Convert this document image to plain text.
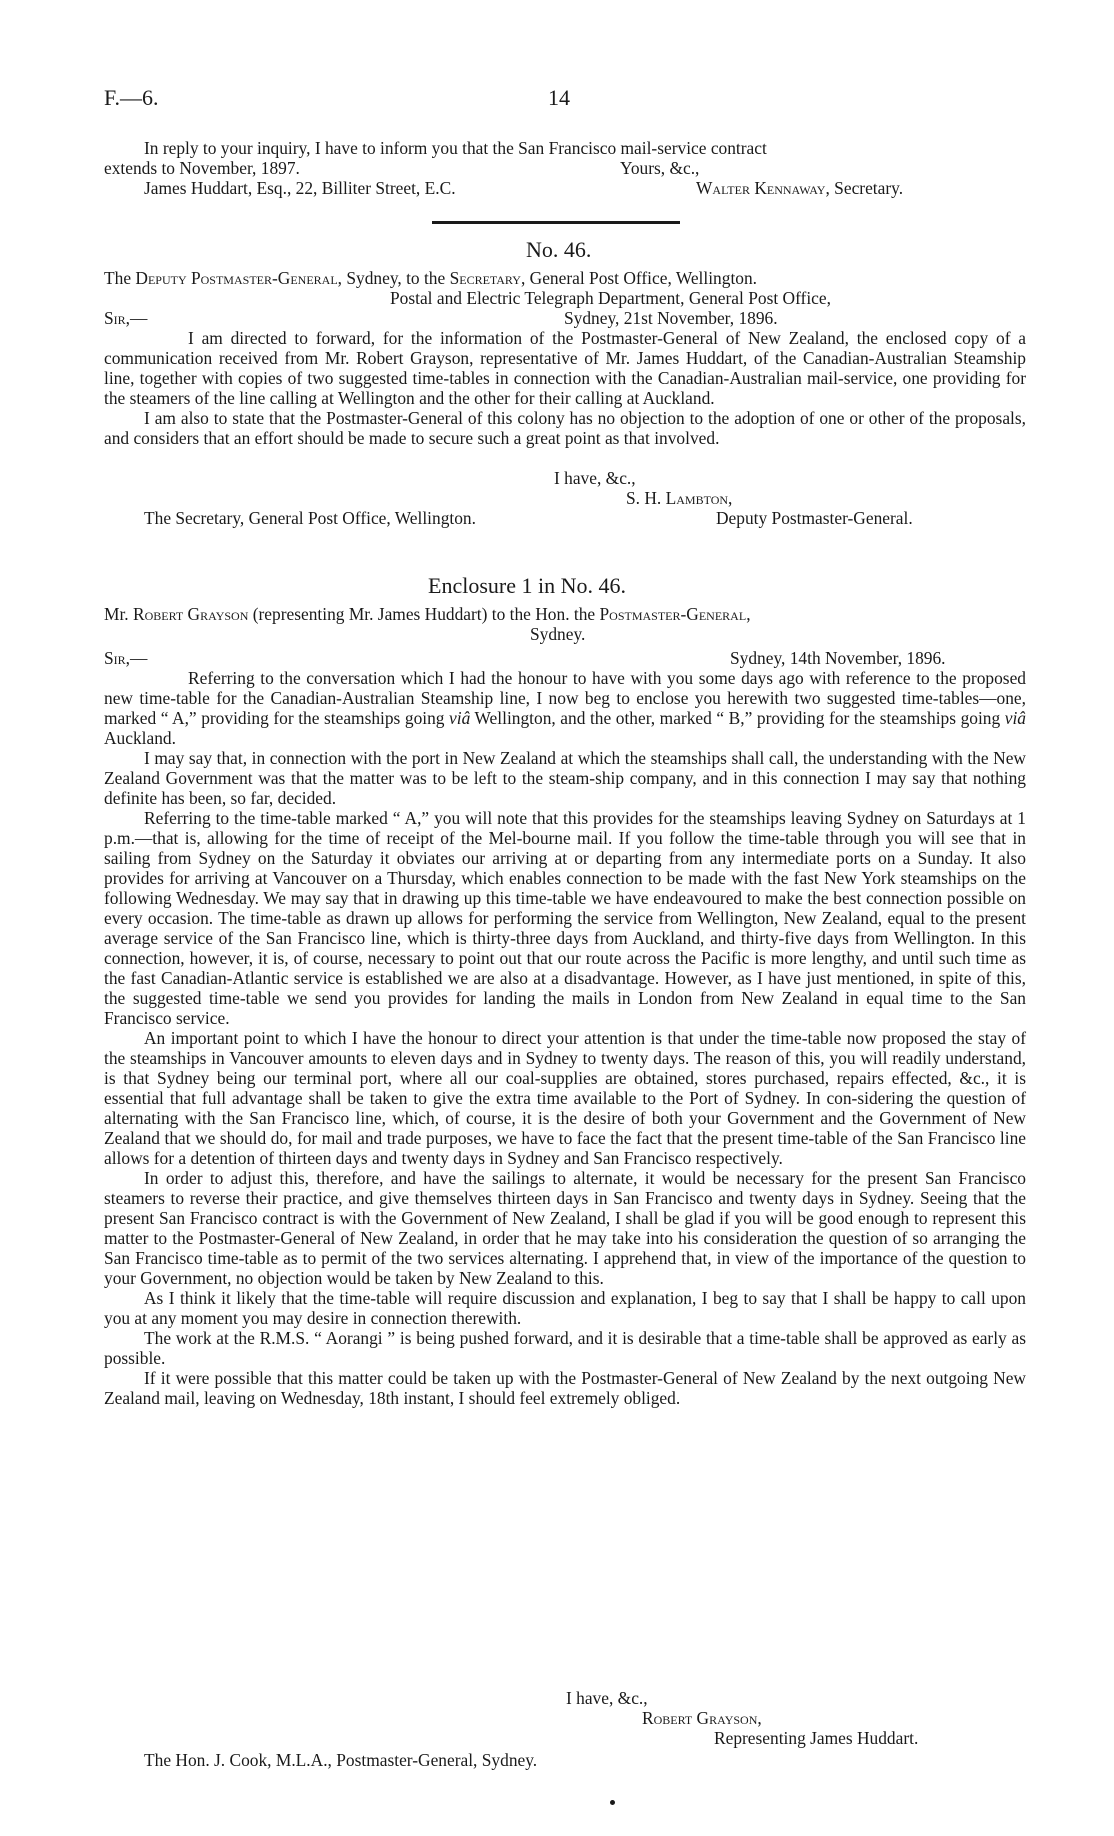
F.—6.	14

In reply to your inquiry, I have to inform you that the San Francisco mail-service contract

extends to November, 1897.	Yours, &c.,
James Huddart, Esq., 22, Billiter Street, E.C.	Walter Kennaway, Secretary.
No. 46.
The Deputy Postmaster-General, Sydney, to the Secretary, General Post Office, Wellington.
Postal and Electric Telegraph Department, General Post Office,
Sir,—	Sydney, 21st November, 1896.

I am directed to forward, for the information of the Postmaster-General of New Zealand, the enclosed copy of a communication received from Mr. Robert Grayson, representative of Mr. James Huddart, of the Canadian-Australian Steamship line, together with copies of two suggested time-tables in connection with the Canadian-Australian mail-service, one providing for the steamers of the line calling at Wellington and the other for their calling at Auckland.

I am also to state that the Postmaster-General of this colony has no objection to the adoption of one or other of the proposals, and considers that an effort should be made to secure such a great point as that involved.

I have, &c.,
S. H. Lambton,
The Secretary, General Post Office, Wellington.	Deputy Postmaster-General.
Enclosure 1 in No. 46.
Mr. Robert Grayson (representing Mr. James Huddart) to the Hon. the Postmaster-General,
Sydney.
Sir,—	Sydney, 14th November, 1896.

Referring to the conversation which I had the honour to have with you some days ago with reference to the proposed new time-table for the Canadian-Australian Steamship line, I now beg to enclose you herewith two suggested time-tables—one, marked “ A,” providing for the steamships going viâ Wellington, and the other, marked “ B,” providing for the steamships going viâ Auckland.

I may say that, in connection with the port in New Zealand at which the steamships shall call, the understanding with the New Zealand Government was that the matter was to be left to the steam-ship company, and in this connection I may say that nothing definite has been, so far, decided.

Referring to the time-table marked “ A,” you will note that this provides for the steamships leaving Sydney on Saturdays at 1 p.m.—that is, allowing for the time of receipt of the Mel-bourne mail. If you follow the time-table through you will see that in sailing from Sydney on the Saturday it obviates our arriving at or departing from any intermediate ports on a Sunday. It also provides for arriving at Vancouver on a Thursday, which enables connection to be made with the fast New York steamships on the following Wednesday. We may say that in drawing up this time-table we have endeavoured to make the best connection possible on every occasion. The time-table as drawn up allows for performing the service from Wellington, New Zealand, equal to the present average service of the San Francisco line, which is thirty-three days from Auckland, and thirty-five days from Wellington. In this connection, however, it is, of course, necessary to point out that our route across the Pacific is more lengthy, and until such time as the fast Canadian-Atlantic service is established we are also at a disadvantage. However, as I have just mentioned, in spite of this, the suggested time-table we send you provides for landing the mails in London from New Zealand in equal time to the San Francisco service.

An important point to which I have the honour to direct your attention is that under the time-table now proposed the stay of the steamships in Vancouver amounts to eleven days and in Sydney to twenty days. The reason of this, you will readily understand, is that Sydney being our terminal port, where all our coal-supplies are obtained, stores purchased, repairs effected, &c., it is essential that full advantage shall be taken to give the extra time available to the Port of Sydney. In con-sidering the question of alternating with the San Francisco line, which, of course, it is the desire of both your Government and the Government of New Zealand that we should do, for mail and trade purposes, we have to face the fact that the present time-table of the San Francisco line allows for a detention of thirteen days and twenty days in Sydney and San Francisco respectively.

In order to adjust this, therefore, and have the sailings to alternate, it would be necessary for the present San Francisco steamers to reverse their practice, and give themselves thirteen days in San Francisco and twenty days in Sydney. Seeing that the present San Francisco contract is with the Government of New Zealand, I shall be glad if you will be good enough to represent this matter to the Postmaster-General of New Zealand, in order that he may take into his consideration the question of so arranging the San Francisco time-table as to permit of the two services alternating. I apprehend that, in view of the importance of the question to your Government, no objection would be taken by New Zealand to this.

As I think it likely that the time-table will require discussion and explanation, I beg to say that I shall be happy to call upon you at any moment you may desire in connection therewith.

The work at the R.M.S. “ Aorangi ” is being pushed forward, and it is desirable that a time-table shall be approved as early as possible.

If it were possible that this matter could be taken up with the Postmaster-General of New Zealand by the next outgoing New Zealand mail, leaving on Wednesday, 18th instant, I should feel extremely obliged.

I have, &c.,
Robert Grayson,
Representing James Huddart.
The Hon. J. Cook, M.L.A., Postmaster-General, Sydney.
